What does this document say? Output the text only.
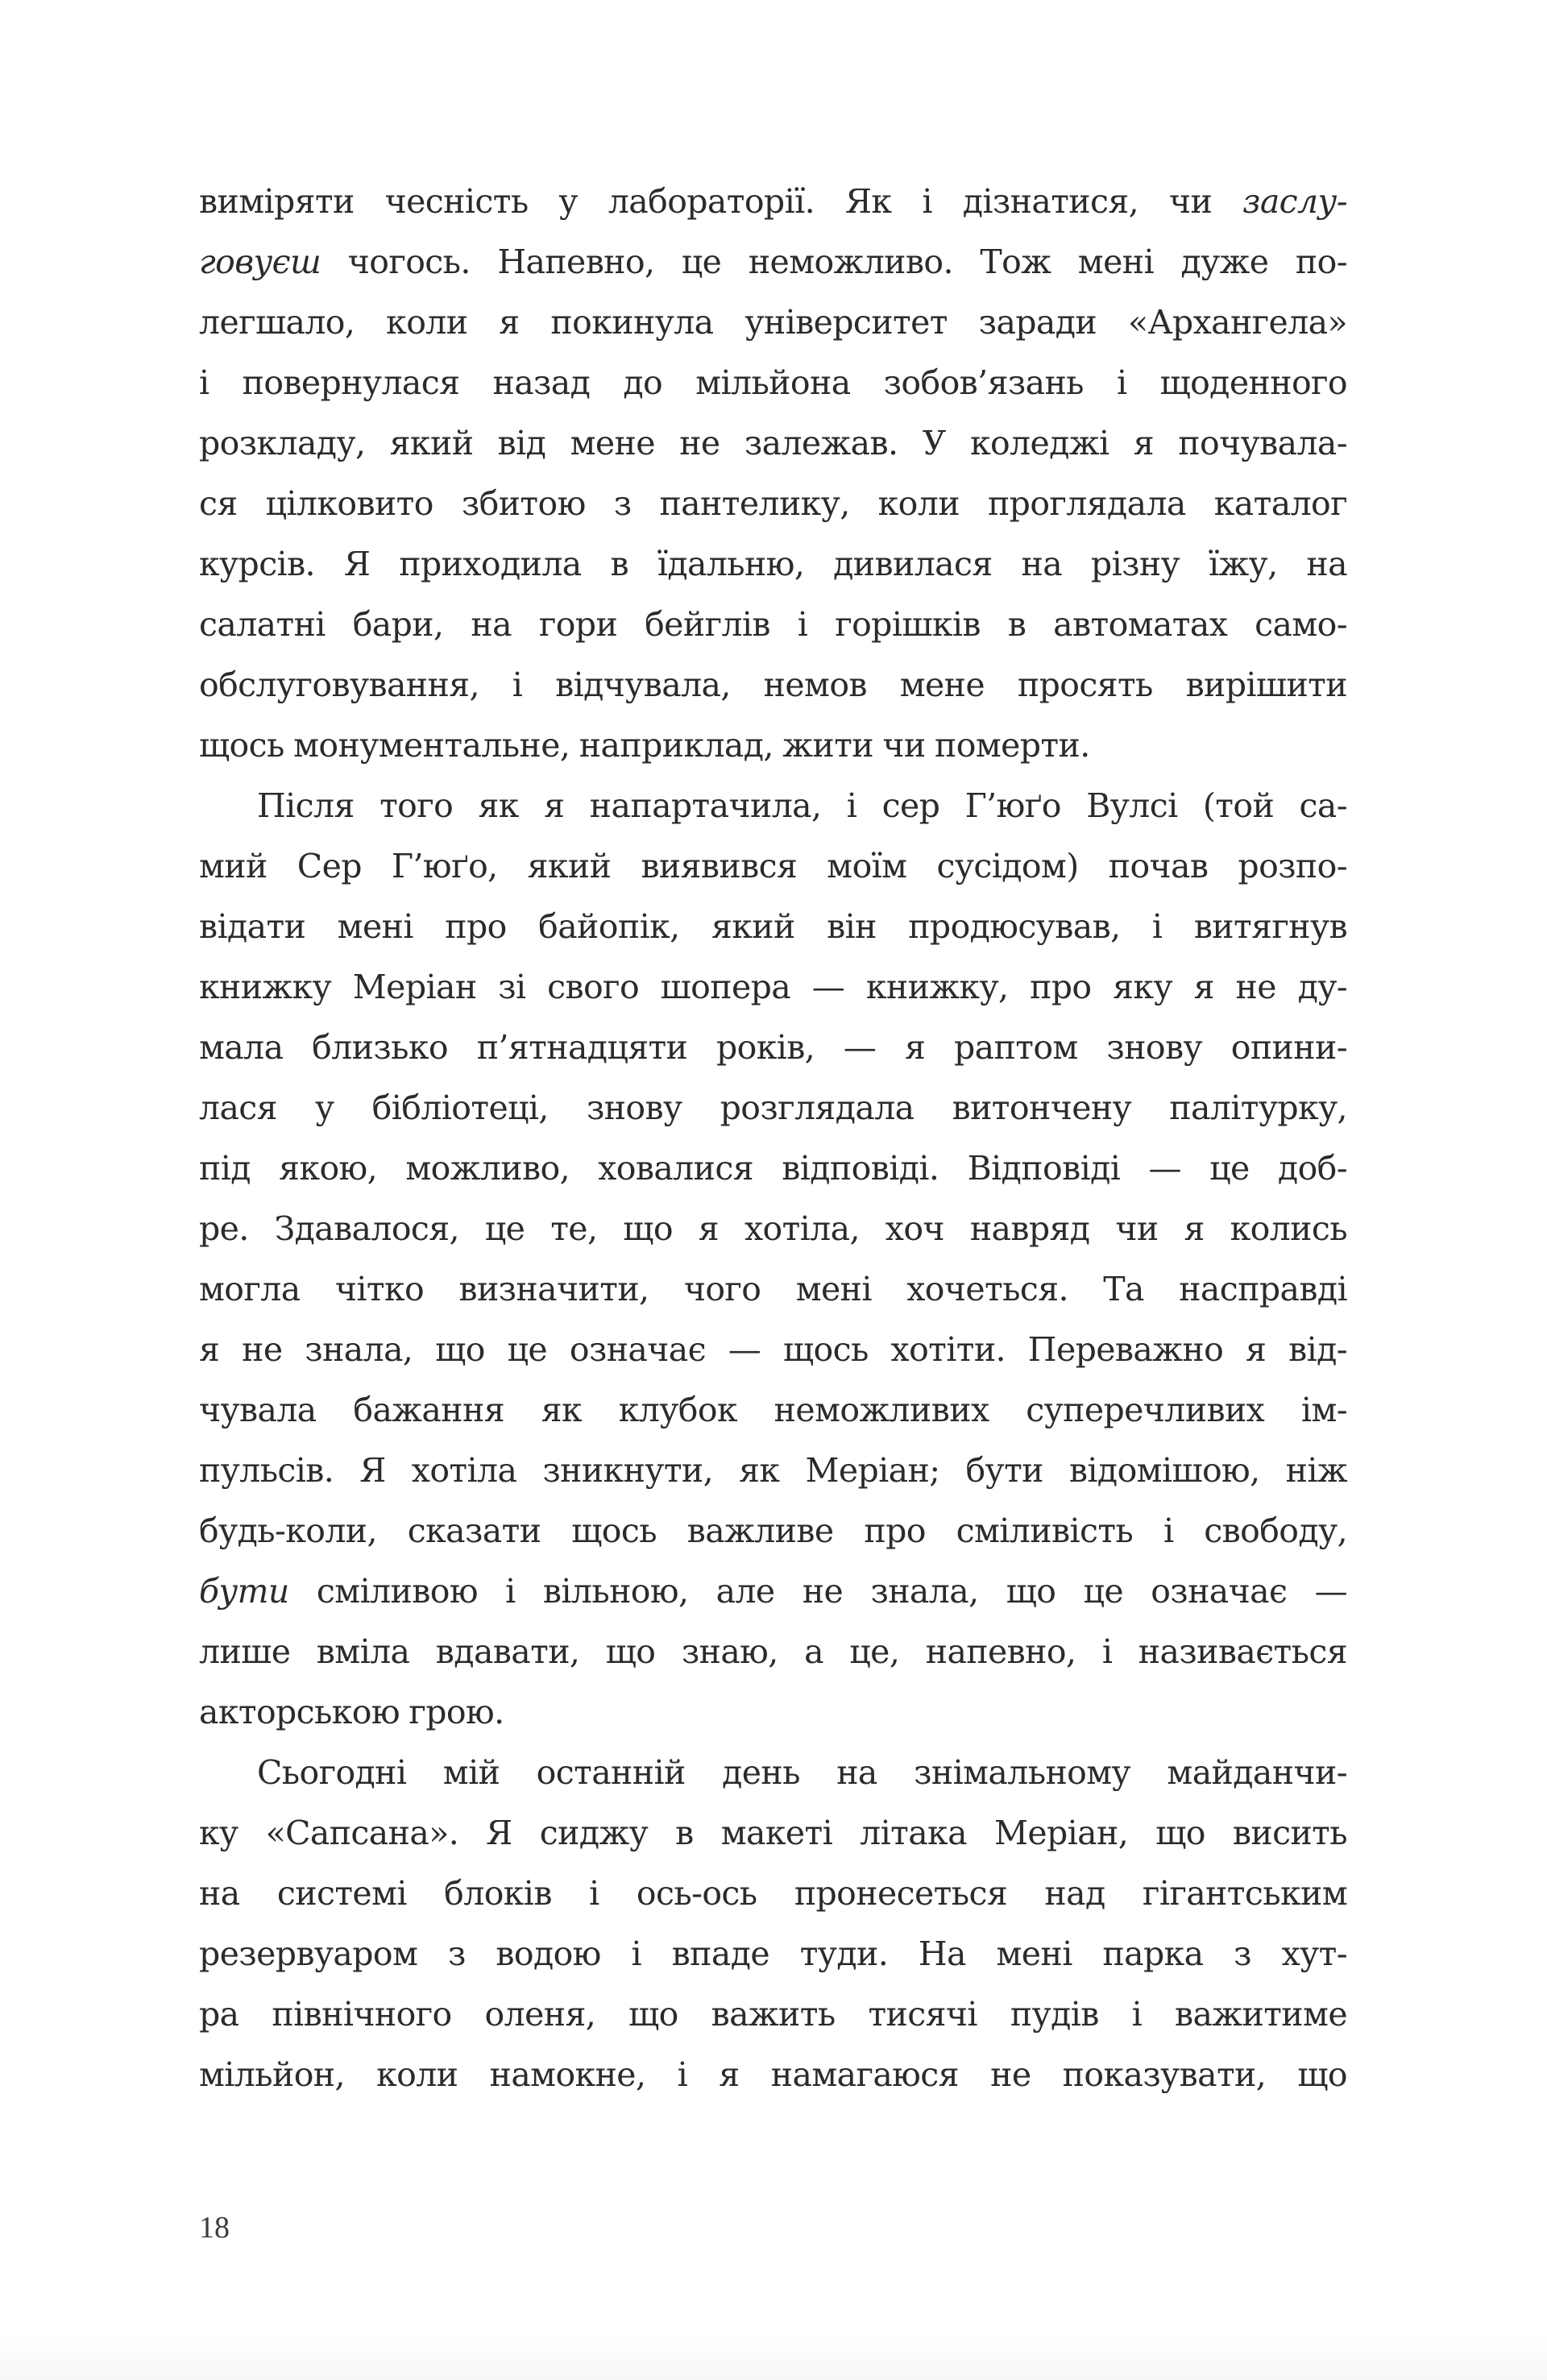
виміряти чесність у лабораторії. Як і дізнатися, чи заслу-
говуєш чогось. Напевно, це неможливо. Тож мені дуже по-
легшало, коли я покинула університет заради «Архангела»
і повернулася назад до мільйона зобов’язань і щоденного
розкладу, який від мене не залежав. У коледжі я почувала-
ся цілковито збитою з пантелику, коли проглядала каталог
курсів. Я приходила в їдальню, дивилася на різну їжу, на
салатні бари, на гори бейглів і горішків в автоматах само-
обслуговування, і відчувала, немов мене просять вирішити
щось монументальне, наприклад, жити чи померти.
Після того як я напартачила, і сер Г’юґо Вулсі (той са-
мий Сер Г’юґо, який виявився моїм сусідом) почав розпо-
відати мені про байопік, який він продюсував, і витягнув
книжку Меріан зі свого шопера — книжку, про яку я не ду-
мала близько п’ятнадцяти років, — я раптом знову опини-
лася у бібліотеці, знову розглядала витончену палітурку,
під якою, можливо, ховалися відповіді. Відповіді — це доб-
ре. Здавалося, це те, що я хотіла, хоч навряд чи я колись
могла чітко визначити, чого мені хочеться. Та насправді
я не знала, що це означає — щось хотіти. Переважно я від-
чувала бажання як клубок неможливих суперечливих ім-
пульсів. Я хотіла зникнути, як Меріан; бути відомішою, ніж
будь-коли, сказати щось важливе про сміливість і свободу,
бути сміливою і вільною, але не знала, що це означає —
лише вміла вдавати, що знаю, а це, напевно, і називається
акторською грою.
Сьогодні мій останній день на знімальному майданчи-
ку «Сапсана». Я сиджу в макеті літака Меріан, що висить
на системі блоків і ось-ось пронесеться над гігантським
резервуаром з водою і впаде туди. На мені парка з хут-
ра північного оленя, що важить тисячі пудів і важитиме
мільйон, коли намокне, і я намагаюся не показувати, що
18
